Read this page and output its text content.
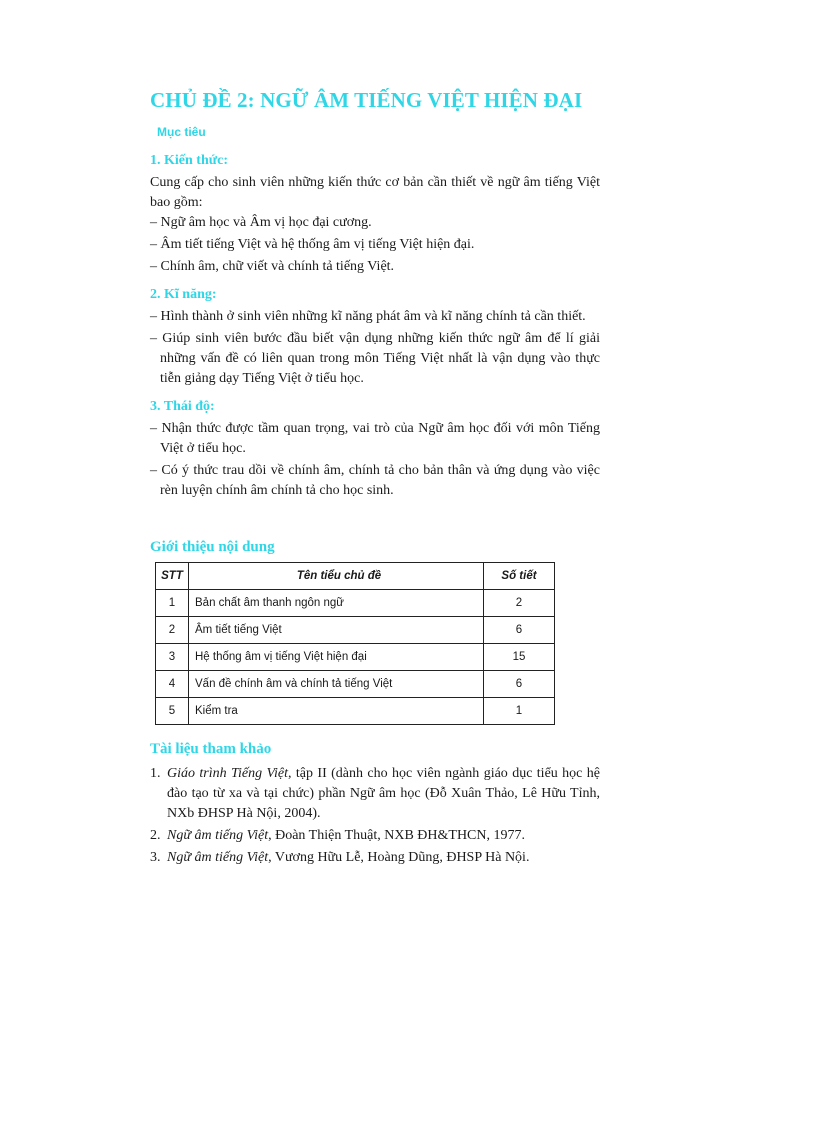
CHỦ ĐỀ 2: NGỮ ÂM TIẾNG VIỆT HIỆN ĐẠI
Mục tiêu
1. Kiến thức:

Cung cấp cho sinh viên những kiến thức cơ bản cần thiết về ngữ âm tiếng Việt bao gồm:

– Ngữ âm học và Âm vị học đại cương.

– Âm tiết tiếng Việt và hệ thống âm vị tiếng Việt hiện đại.

– Chính âm, chữ viết và chính tả tiếng Việt.

2. Kĩ năng:

– Hình thành ở sinh viên những kĩ năng phát âm và kĩ năng chính tả cần thiết.

– Giúp sinh viên bước đầu biết vận dụng những kiến thức ngữ âm để lí giải những vấn đề có liên quan trong môn Tiếng Việt nhất là vận dụng vào thực tiễn giảng dạy Tiếng Việt ở tiểu học.

3. Thái độ:

– Nhận thức được tầm quan trọng, vai trò của Ngữ âm học đối với môn Tiếng Việt ở tiểu học.

– Có ý thức trau dồi về chính âm, chính tả cho bản thân và ứng dụng vào việc rèn luyện chính âm chính tả cho học sinh.

Giới thiệu nội dung
STT	Tên tiểu chủ đề	Số tiết
1	Bản chất âm thanh ngôn ngữ	2
2	Âm tiết tiếng Việt	6
3	Hệ thống âm vị tiếng Việt hiện đại	15
4	Vấn đề chính âm và chính tả tiếng Việt	6
5	Kiểm tra	1
Tài liệu tham khảo

1. Giáo trình Tiếng Việt, tập II (dành cho học viên ngành giáo dục tiểu học hệ đào tạo từ xa và tại chức) phần Ngữ âm học (Đỗ Xuân Thảo, Lê Hữu Tỉnh, NXb ĐHSP Hà Nội, 2004).

2. Ngữ âm tiếng Việt, Đoàn Thiện Thuật, NXB ĐH&THCN, 1977.

3. Ngữ âm tiếng Việt, Vương Hữu Lễ, Hoàng Dũng, ĐHSP Hà Nội.
